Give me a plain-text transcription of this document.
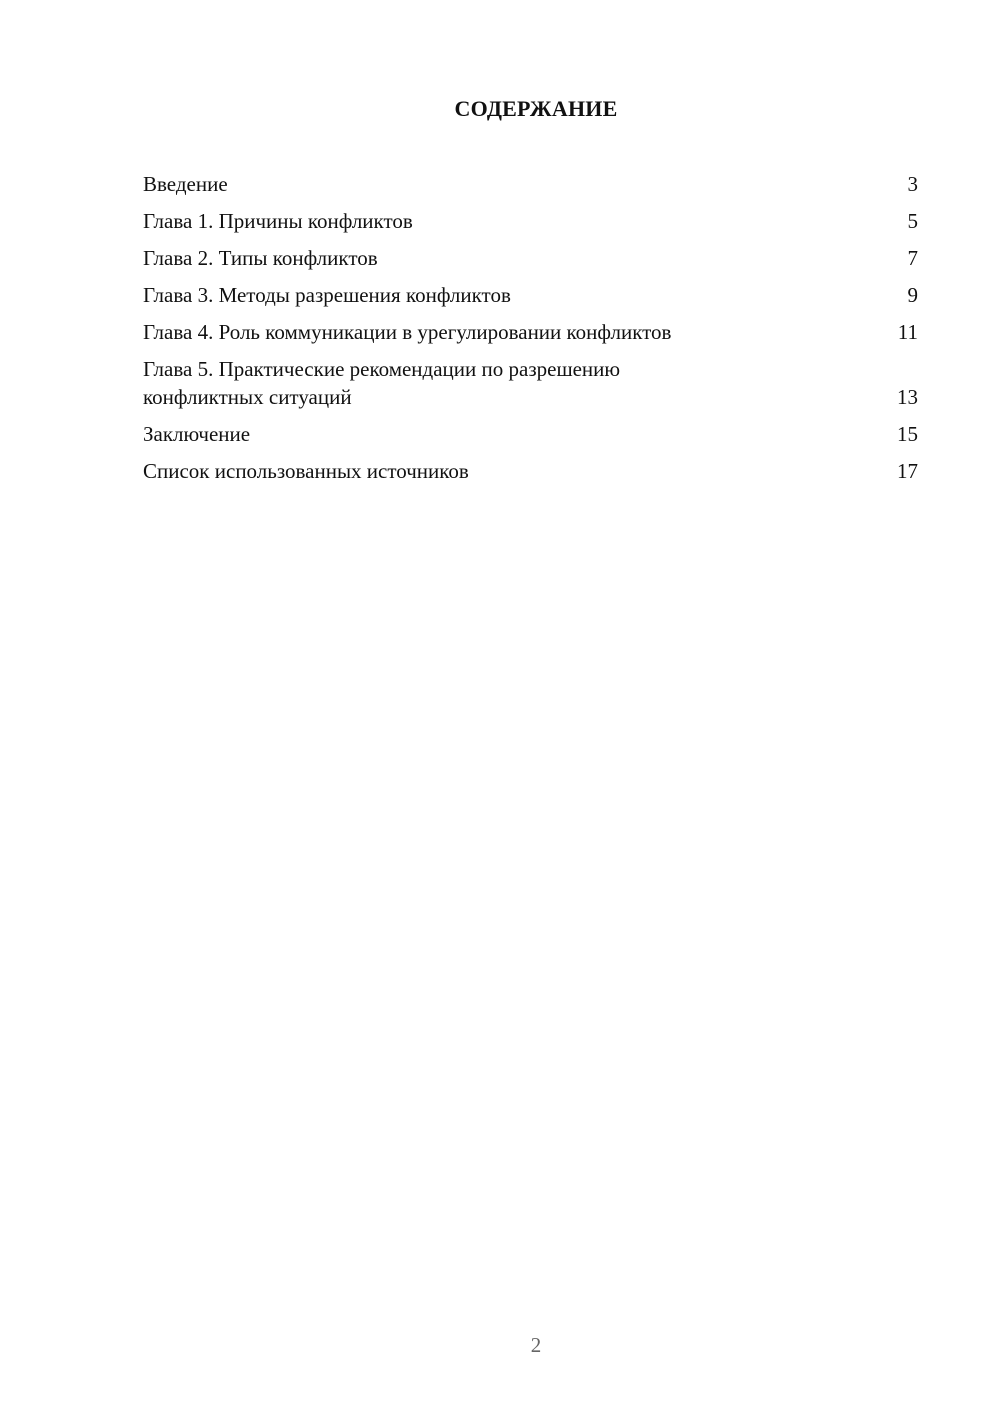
СОДЕРЖАНИЕ
Введение	3
Глава 1. Причины конфликтов	5
Глава 2. Типы конфликтов	7
Глава 3. Методы разрешения конфликтов	9
Глава 4. Роль коммуникации в урегулировании конфликтов	11
Глава 5. Практические рекомендации по разрешению конфликтных ситуаций	13
Заключение	15
Список использованных источников	17
2
